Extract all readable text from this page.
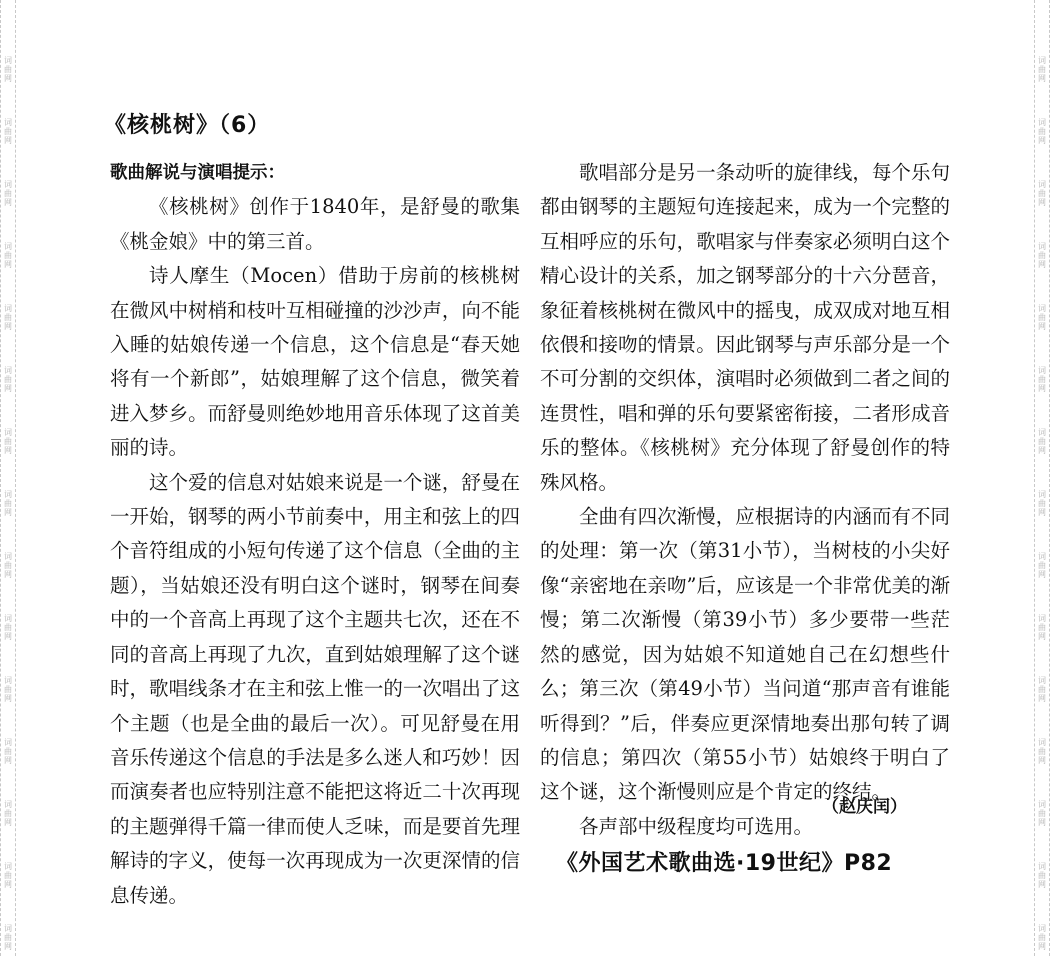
《核桃树》（6）

歌曲解说与演唱提示：

《核桃树》创作于1840年，是舒曼的歌集《桃金娘》中的第三首。

诗人摩生（Mocen）借助于房前的核桃树在微风中树梢和枝叶互相碰撞的沙沙声，向不能入睡的姑娘传递一个信息，这个信息是“春天她将有一个新郎”，姑娘理解了这个信息，微笑着进入梦乡。而舒曼则绝妙地用音乐体现了这首美丽的诗。

这个爱的信息对姑娘来说是一个谜，舒曼在一开始，钢琴的两小节前奏中，用主和弦上的四个音符组成的小短句传递了这个信息（全曲的主题），当姑娘还没有明白这个谜时，钢琴在间奏中的一个音高上再现了这个主题共七次，还在不同的音高上再现了九次，直到姑娘理解了这个谜时，歌唱线条才在主和弦上惟一的一次唱出了这个主题（也是全曲的最后一次）。可见舒曼在用音乐传递这个信息的手法是多么迷人和巧妙！因而演奏者也应特别注意不能把这将近二十次再现的主题弹得千篇一律而使人乏味，而是要首先理解诗的字义，使每一次再现成为一次更深情的信息传递。

歌唱部分是另一条动听的旋律线，每个乐句都由钢琴的主题短句连接起来，成为一个完整的互相呼应的乐句，歌唱家与伴奏家必须明白这个精心设计的关系，加之钢琴部分的十六分琶音，象征着核桃树在微风中的摇曳，成双成对地互相依偎和接吻的情景。因此钢琴与声乐部分是一个不可分割的交织体，演唱时必须做到二者之间的连贯性，唱和弹的乐句要紧密衔接，二者形成音乐的整体。《核桃树》充分体现了舒曼创作的特殊风格。

全曲有四次渐慢，应根据诗的内涵而有不同的处理：第一次（第31小节），当树枝的小尖好像“亲密地在亲吻”后，应该是一个非常优美的渐慢；第二次渐慢（第39小节）多少要带一些茫然的感觉，因为姑娘不知道她自己在幻想些什么；第三次（第49小节）当问道“那声音有谁能听得到？”后，伴奏应更深情地奏出那句转了调的信息；第四次（第55小节）姑娘终于明白了这个谜，这个渐慢则应是个肯定的终结。

各声部中级程度均可选用。

（赵庆闰）
《外国艺术歌曲选·19世纪》P82
词
曲
网
词
曲
网
词
曲
网
词
曲
网
词
曲
网
词
曲
网
词
曲
网
词
曲
网
词
曲
网
词
曲
网
词
曲
网
词
曲
网
词
曲
网
词
曲
网
词
曲
网
词
曲
网
词
曲
网
词
曲
网
词
曲
网
词
曲
网
词
曲
网
词
曲
网
词
曲
网
词
曲
网
词
曲
网
词
曲
网
词
曲
网
词
曲
网
词
曲
网
词
曲
网
